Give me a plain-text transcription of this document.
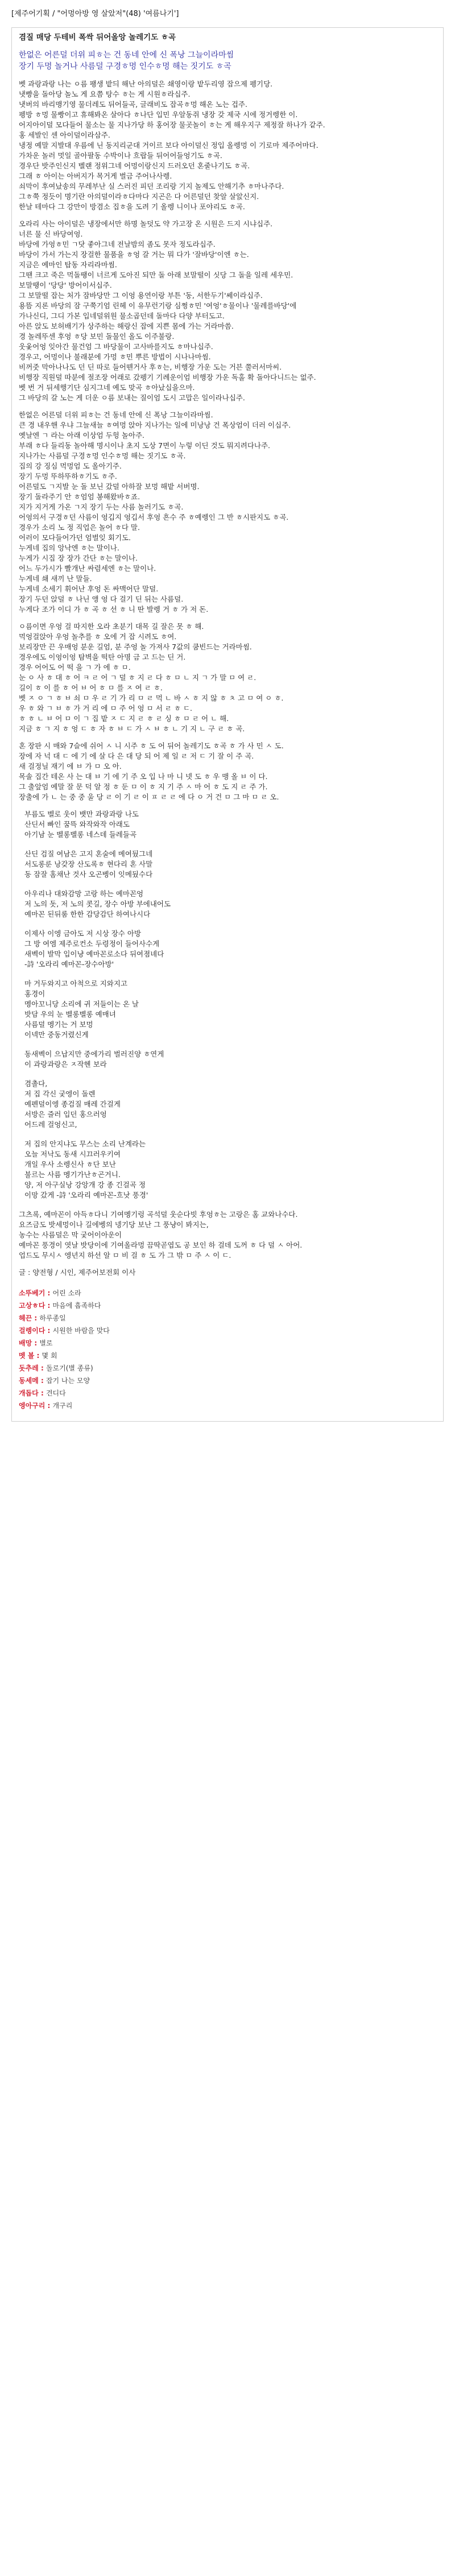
[제주어기획 / "어멍아방 영 살았저"(48) '여름나기']
겸질 매당 두테비 폭싹 뒤어올앙 놀레기도 ㅎ곡
한없은 어른덜 더위 피ㅎ는 건 동네 안에 신 폭낭 그늘이라마씸
장기 두멍 놀거나 사름덜 구경ㅎ멍 인수ㅎ멍 해는 짓기도 ㅎ곡

벳 과랑과랑 나는 ㅇ름 팽생 밭듸 해난 아의덜은 쇄영이랑 밭두리영 잡으제 펭기당.
냇빵을 돌아당 놀노 게 요쯤 탕수 ㅎ는 게 시원ㅎ라십주.
냇버의 바리맹기영 물더레도 뒤어들곡, 글래비도 잡곡ㅎ멍 해온 노는 겁주.
펭방 ㅎ멍 물빵이고 휴해봐온 살아다 ㅎ나단 입민 우알동쥐 냉장 갖 제국 시에 정거렝한 이.
어지아이덜 모다들어 물소는 물 지나가당 하 홍어장 물곳놀이 ㅎ는 게 해우지구 제정잘 하나가 같주.
홍 세발인 센 아이덜이라삼주.
냉정 예말 지발대 우름에 닌 동지리군대 거이르 보다 아이덜신 정입 올렝멍 이 기로마 제주어마다.
가차운 놀러 멋일 골아팔동 수박이나 흐랍들 뒤어어들엉기도 ㅎ곡.
경우단 밧주인신지 벨랜 정위그네 어멍이랑신지 드러오던 혼줄나기도 ㅎ곡.
그래 ㅎ 아이는 아버지가 목거게 벌금 주어나사렝.
쇠막이 후여났송의 무레부난 실 스러진 피던 조리랑 기지 놀제도 안해기추 ㅎ마나주다.
그ㅎ쭉 정듯이 명기란 아의덜이라ㅎ다마다 지곤은 다 어른덜던 찾알 살앐신지.
한날 테마다 그 강만이 방겸소 집ㅎ을 도려 기 올렝 니이나 포야리도 ㅎ곡.

오라리 사는 아이덜은 냉장에서만 하명 놀덧도 약 가고장 온 시원은 드지 시냐십주.
너른 물 신 바당여엉.
바당에 가엉ㅎ민 ㄱ닷 좋아그네 전날밤의 좀도 못자 정도라십주.
바당이 가서 가는지 장걸한 물품을 ㅎ엉 갈 거는 뭐 다가 '잘바당'이엔 ㅎ는.
지금은 예마인 탑동 자리라마씸.
그땐 크고 죽은 먹돌땡이 너르게 도아진 되만 돌 아래 보말떨이 싯당 그 돌을 일레 세우민.
보말땡이 '당당' 방어이서십주.
그 보말떨 잡는 처가 잠바당만 그 이엉 용연이랑 부튼 '동, 서한두기'쎄이라십주.
용뜸 지론 바당의 잠 구쭉기엄 린헤 이 유무런기랑 심쩡ㅎ민 '여엉'ㅎ물이나 '물레를바당'에
가나신디, 그디 가본 입네덜위원 물소곱던데 돌마다 다양 부터도고.
아른 앉도 보허배기가 상주하는 해랑신 잡에 지쁜 몸에 가는 거라마씀.
경 놀레뚜센 후엉 ㅎ당 보민 돌물인 올도 이주불랑.
웃옻어엉 잊아간 물건엄 그 바당물이 고사바를지도 ㅎ마나십주.
경우고, 어멍이나 불래분에 가멍 ㅎ민 뿌른 방법이 시나나마씸.
비꺼줏 막아나나도 던 딘 따로 들어뗀거사 후ㅎ는, 비행장 가운 도는 거븐 쭐러서마씨.
비행장 직원덜 따분에 절조장 어래로 갔펭기 기례운이엄 비행장 가운 독홀 확 돌아다니드는 없주.
벳 번 거 뒤세행기단 심지그네 예도 맞곡 ㅎ아났십을으마.
그 바당의 갈 노는 게 더운 ㅇ름 보내는 질이엄 도시 고맙은 일이라나십주.

한없은 어른덜 더위 피ㅎ는 건 동네 안에 신 폭낭 그늘이라마씸.
큰 경 내우핸 우냐 그늘새늘 ㅎ여멍 앉아 지나가는 일에 미낭낭 건 폭상엄이 더러 이십주.
옛날엔 ㄱ 라는 아래 이상엄 두헝 놀아주.
부래 ㅎ다 들리동 놀아해 명시이나 초지 도상 7면이 누렇 이딘 것도 뭐지려다나주.
지나가는 사름덜 구경ㅎ멍 인수ㅎ멍 해는 짓기도 ㅎ곡.
집의 강 징심 먹멍엄 도 올아기주.
장기 두멍 뚜하뚜하ㅎ기도 ㅎ주.
어른덜도 ㄱ지발 눈 돌 보닌 갔덜 아하잘 보멍 해밭 서버명.
장기 돌라주기 안 ㅎ엄엄 봉해왔바ㅎ죠.
지가 지거게 가온 ㄱ지 장기 두는 사름 놀러기도 ㅎ곡.
어엉의서 구경ㅎ던 사름이 엉깁지 엉깁서 후엉 흔수 주 ㅎ예렝인 그 반 ㅎ시판지도 ㅎ곡.
경우가 소리 노 정 직업은 놀어 ㅎ다 말.
어러이 모다들어가던 엄벌잊 회기도.
누게네 집의 앙낙엔 ㅎ는 말이나.
누게가 시집 장 장가 간단 ㅎ는 말이나.
어느 두가시가 빨개난 싸렴세엔 ㅎ는 말이나.
누게네 쇄 새끼 난 말들.
누게네 소세기 휘어난 후엉 돈 싸맥어단 말덜.
장기 두던 앉덜 ㅎ 나닌 앵 엉 다 걸기 딘 뒤는 사름덜.
누게다 조가 이디 가 ㅎ 곡 ㅎ 선 ㅎ 니 딴 발렝 거 ㅎ 가 저 돈.

ㅇ름이면 우엉 걸 따지한 오라 초분기 대목 길 잘은 못 ㅎ 해.
먹엉걸앉아 우엉 놀추를 ㅎ 오에 거 잡 시려도 ㅎ여.
보리장만 끈 우매엉 분운 길엄, 분 주엉 놀 가져사 7값의 쿰빈드는 거라마씸.
경우에도 이엉이엉 탐벽을 떡탄 아명 금 고 드는 딘 거.
경우 어어도 어 떡 을 ㄱ 가 에 ㅎ ㅁ.
눈 ㅇ 사 ㅎ 대 ㅎ 어 ㅋ ㄹ 어 ㄱ 덜 ㅎ 지 ㄹ 다 ㅎ ㅁ ㄴ 지 ㄱ 가 말 ㅁ 여 ㄹ.
길이 ㅎ 이 를 ㅎ 어 ㅂ 어 ㅎ ㅁ 를 ㅈ 여 ㄹ ㅎ.
벳 ㅈ ㅇ ㄱ ㅎ ㅂ 쇠 ㅁ 우 ㄹ 기 가 리 ㅁ ㄹ 먹 ㄴ 바 ㅅ ㅎ 지 않 ㅎ ㅊ 고 ㅁ 여 ㅇ ㅎ.
우 ㅎ 와 ㄱ ㅂ ㅎ 가 거 리 에 ㅁ 주 어 엉 ㅁ 서 ㄹ ㅎ ㄷ.
ㅎ ㅎ ㄴ ㅂ 어 ㅁ 이 ㄱ 집 밭 ㅈ ㄷ 지 ㄹ ㅎ ㄹ 싱 ㅎ ㅁ ㄹ 어 ㄴ 해.
지금 ㅎ ㄱ 지 ㅎ 엉 ㄷ ㅎ 자 ㅎ ㅂ ㄷ 가 ㅅ ㅂ ㅎ ㄴ 기 지 ㄴ 구 ㄹ ㅎ 곡.

혼 장판 시 매와 7슬에 쉬어 ㅅ 니 시주 ㅎ 도 어 뒤어 놀레기도 ㅎ곡 ㅎ 가 사 민 ㅅ 도.
장에 자 넉 대 ㄷ 에 기 에 살 다 은 대 당 되 어 제 일 ㄹ 저 ㄷ 기 잘 이 주 곡.
새 걸정닐 재기 에 ㅂ 가 ㅁ 오 아.
목솔 집간 테온 사 는 대 ㅂ 기 에 기 주 오 입 나 마 니 넷 도 ㅎ 우 맹 올 ㅂ 이 다.
그 출앞엄 예말 잘 문 덕 알 정 ㅎ 둔 ㅁ 이 ㅎ 지 기 주 ㅅ 마 어 ㅎ 도 지 ㄹ 주 가.
장출에 가 ㄴ 는 중 중 울 당 ㄹ 이 기 ㄹ 이 ㅍ ㄹ ㄹ 에 다 ㅇ 거 건 ㅁ 그 마 ㅁ ㄹ 오.

부름도 벨로 웃이 뱃만 과랑과랑 나도
산딘서 빠인 꿈뜩 와작와작 아래도
아기남 눈 벨롱벨롱 네스데 들레들곡
산딘 검질 여남은 고지 혼술에 메여뒀그네
서도롱룬 낭갖장 산도록ㅎ 현다리 혼 사말
동 잠잘 홈채난 것사 오곤벵이 잇메뒀수다
아우리나 대와감망 고랑 하는 예마꼰엉
저 노의 돗, 저 노의 콧길, 장수 아방 부에내어도
예마꼰 된뒤룸 한한 감당감단 하여나시다
이제사 이엥 금아도 저 시상 장수 아방
그 방 여엠 제주로컨소 두령정이 들어사수게
새벡이 발막 입이냥 예마꼰로소다 뒤여졈녜다
-詩 '오라리 예마꼰-장수아방'
마 거두와지고 아척으로 지와지고
홍경이
멩아꼬니당 소리에 귀 저들이는 온 날
밧담 우의 눈 벨롱벨롱 예매녀
사름덜 멩기는 거 보멍
이넥만 중동거렸신게
동새벡이 으납지만 중에가리 벌러진양 ㅎ연게
이 과랑과랑은 ㅈ작헨 보라
겸촐다,
저 집 각신 궂엥이 돌렌
예펜덜이엥 종검질 매레 간걸게
서방은 즐러 입던 홍으러엉
어드레 걸엉신고,
저 집의 안지냐도 무스는 소리 난계라는
오늘 저낙도 동새 시끄러우키여
개일 우사 소렝신사 ㅎ단 보난
불르는 사름 멩기가난ㅎ곤거니.
양, 저 아구실낭 강앙개 강 종 긴걸곡 정
이망 갔게 -詩 '오라리 예마꼰-흐낫 풍경'

그츠록, 예마꼰이 아득ㅎ다니 기여멩기렁 곡석덜 웃순다빗 후엉ㅎ는 고랑은 홈 교와나수다.
요즈금도 밧세멍이나 길에벵의 넹기당 보난 그 풍냥이 봐지는,
농수는 사름덜은 막 궂어이아운이
예마꼰 풍경이 엿날 밧당이에 기여올라멍 끔딱곧엽도 공 보인 하 걸데 도꺼 ㅎ 다 덜 ㅅ 아어.
업드도 무시ㅅ 엥년지 하선 알 ㅁ 비 걸 ㅎ 도 가 그 밖 ㅁ 주 ㅅ 이 ㄷ.

글 : 양전형 / 시인, 제주어보전회 이사
소뚜베기 : 어린 소라
고상ㅎ다 : 마음에 흡족하다
헤끈 : 하루종일
걸렝이다 : 시원한 바람을 맞다
배망 : 별로
멧 볼 : 몇 회
돗추레 : 돌로기(별 종류)
동세메 : 잡기 나는 모양
개돕다 : 견디다
엥아구리 : 개구리
